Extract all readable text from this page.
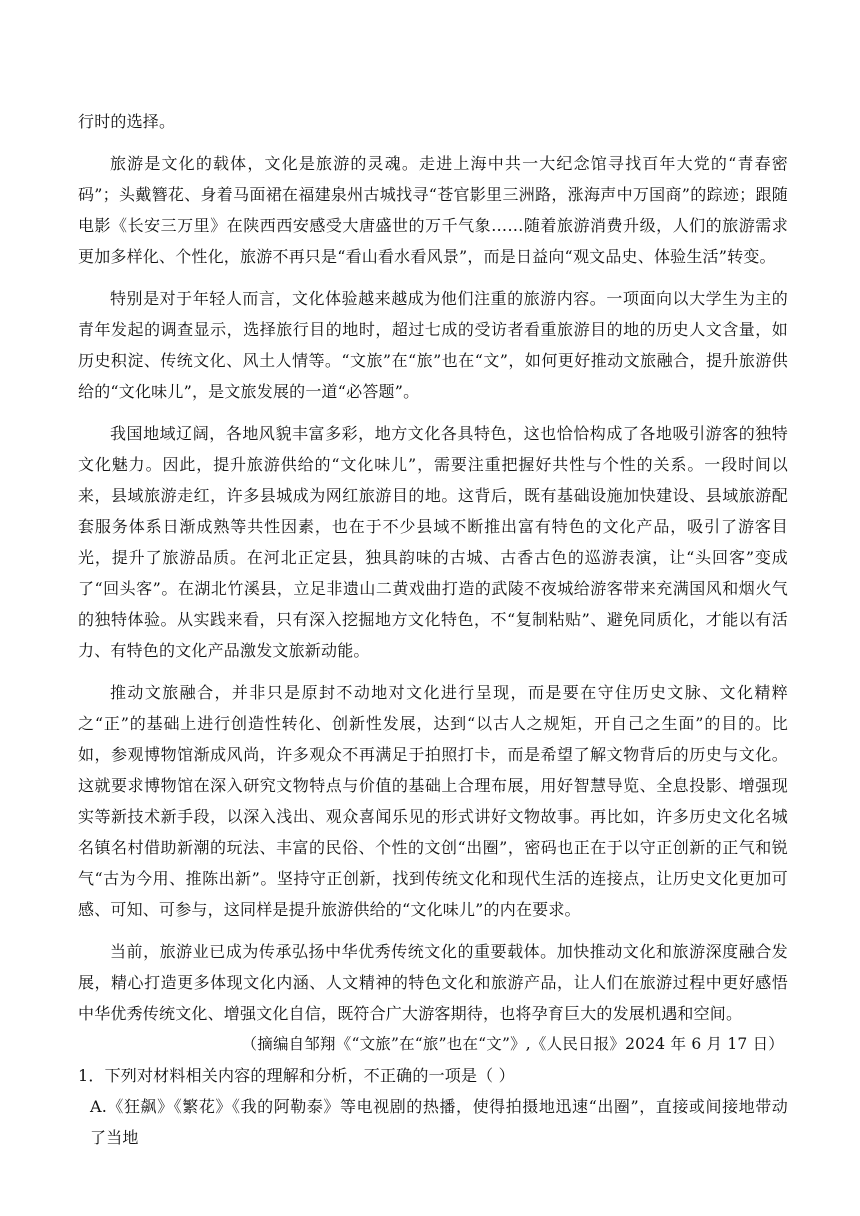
行时的选择。

旅游是文化的载体，文化是旅游的灵魂。走进上海中共一大纪念馆寻找百年大党的“青春密码”；头戴簪花、身着马面裙在福建泉州古城找寻“苍官影里三洲路，涨海声中万国商”的踪迹；跟随电影《长安三万里》在陕西西安感受大唐盛世的万千气象……随着旅游消费升级，人们的旅游需求更加多样化、个性化，旅游不再只是“看山看水看风景”，而是日益向“观文品史、体验生活”转变。

特别是对于年轻人而言，文化体验越来越成为他们注重的旅游内容。一项面向以大学生为主的青年发起的调查显示，选择旅行目的地时，超过七成的受访者看重旅游目的地的历史人文含量，如历史积淀、传统文化、风土人情等。“文旅”在“旅”也在“文”，如何更好推动文旅融合，提升旅游供给的“文化味儿”，是文旅发展的一道“必答题”。

我国地域辽阔，各地风貌丰富多彩，地方文化各具特色，这也恰恰构成了各地吸引游客的独特文化魅力。因此，提升旅游供给的“文化味儿”，需要注重把握好共性与个性的关系。一段时间以来，县域旅游走红，许多县城成为网红旅游目的地。这背后，既有基础设施加快建设、县域旅游配套服务体系日渐成熟等共性因素，也在于不少县域不断推出富有特色的文化产品，吸引了游客目光，提升了旅游品质。在河北正定县，独具韵味的古城、古香古色的巡游表演，让“头回客”变成了“回头客”。在湖北竹溪县，立足非遗山二黄戏曲打造的武陵不夜城给游客带来充满国风和烟火气的独特体验。从实践来看，只有深入挖掘地方文化特色，不“复制粘贴”、避免同质化，才能以有活力、有特色的文化产品激发文旅新动能。

推动文旅融合，并非只是原封不动地对文化进行呈现，而是要在守住历史文脉、文化精粹之“正”的基础上进行创造性转化、创新性发展，达到“以古人之规矩，开自己之生面”的目的。比如，参观博物馆渐成风尚，许多观众不再满足于拍照打卡，而是希望了解文物背后的历史与文化。这就要求博物馆在深入研究文物特点与价值的基础上合理布展，用好智慧导览、全息投影、增强现实等新技术新手段，以深入浅出、观众喜闻乐见的形式讲好文物故事。再比如，许多历史文化名城名镇名村借助新潮的玩法、丰富的民俗、个性的文创“出圈”，密码也正在于以守正创新的正气和锐气“古为今用、推陈出新”。坚持守正创新，找到传统文化和现代生活的连接点，让历史文化更加可感、可知、可参与，这同样是提升旅游供给的“文化味儿”的内在要求。

当前，旅游业已成为传承弘扬中华优秀传统文化的重要载体。加快推动文化和旅游深度融合发展，精心打造更多体现文化内涵、人文精神的特色文化和旅游产品，让人们在旅游过程中更好感悟中华优秀传统文化、增强文化自信，既符合广大游客期待，也将孕育巨大的发展机遇和空间。

（摘编自邹翔《“文旅”在“旅”也在“文”》,《人民日报》2024 年 6 月 17 日）

1．下列对材料相关内容的理解和分析，不正确的一项是（ ）

A.《狂飙》《繁花》《我的阿勒泰》等电视剧的热播，使得拍摄地迅速“出圈”，直接或间接地带动了当地
